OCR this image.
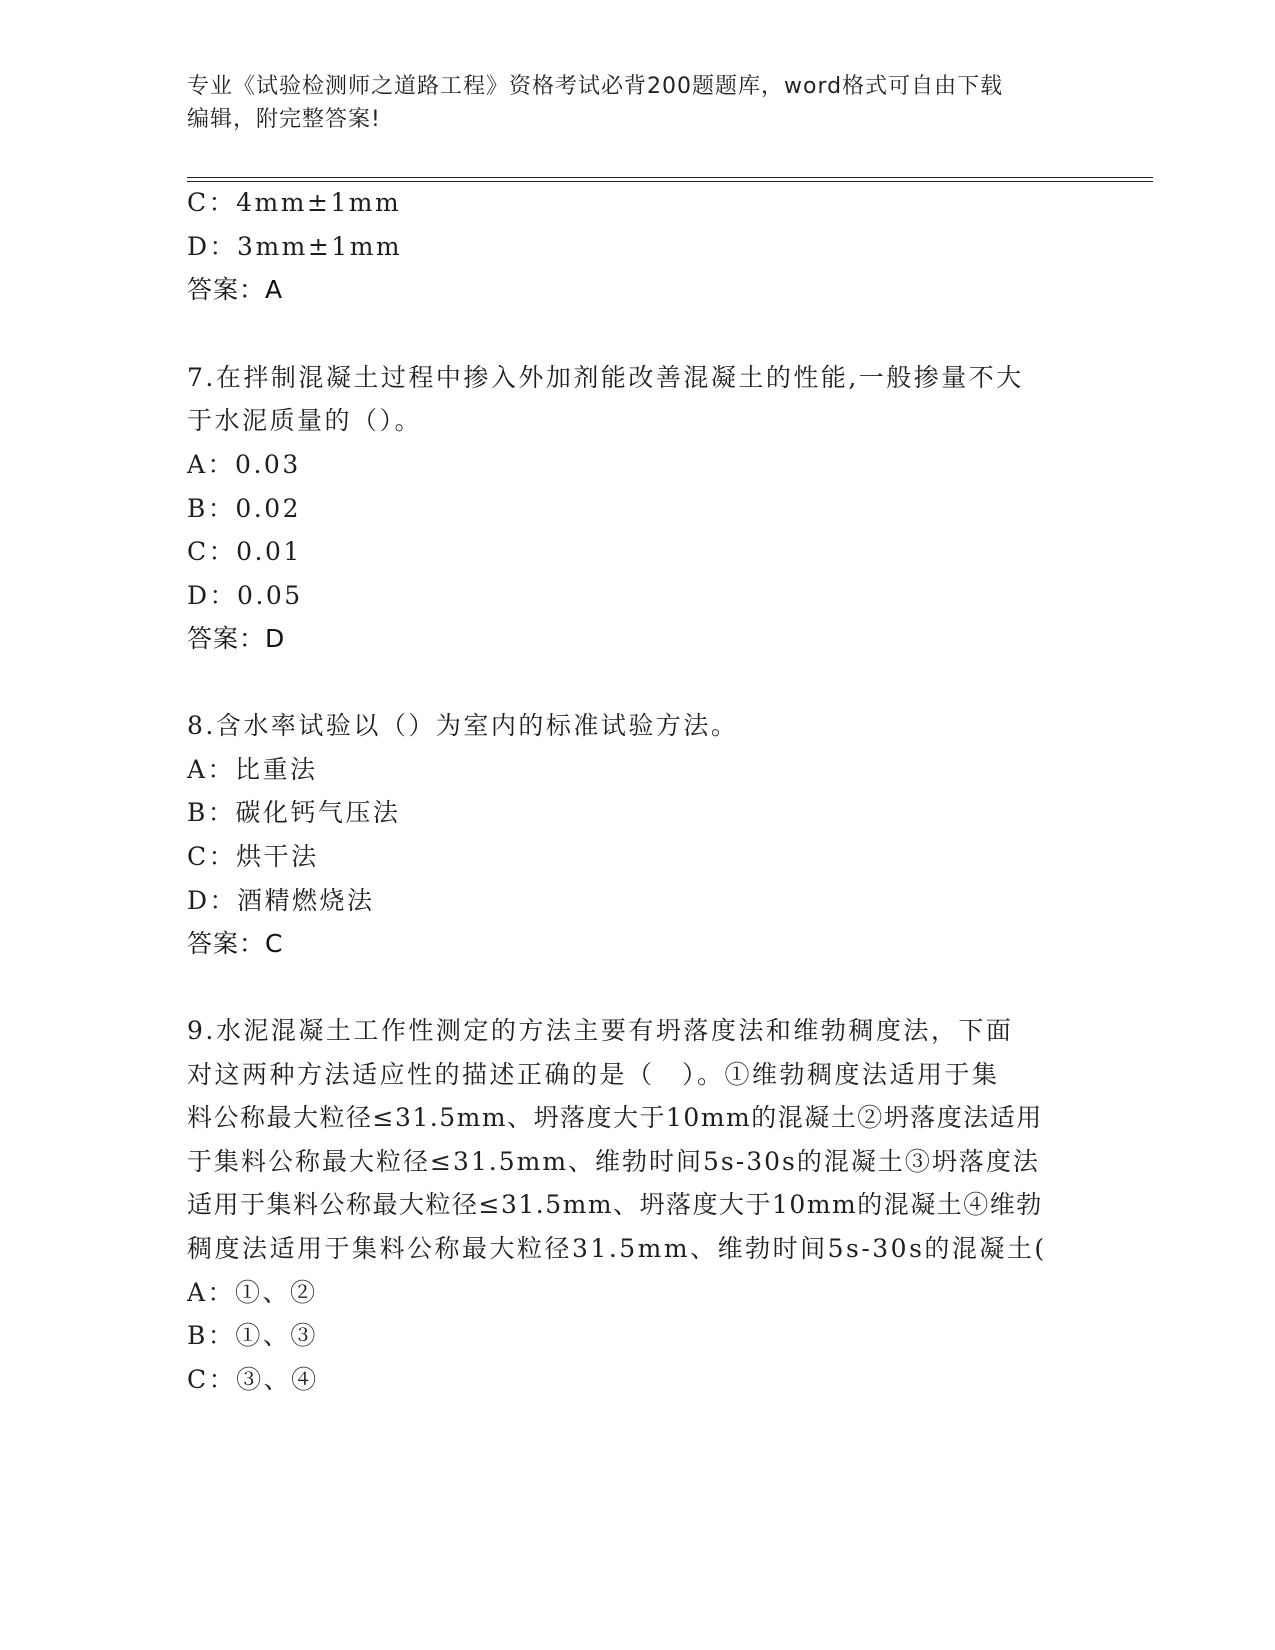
专业《试验检测师之道路工程》资格考试必背200题题库，word格式可自由下载
编辑，附完整答案!
C：4mm±1mm
D：3mm±1mm
答案：A
7.在拌制混凝土过程中掺入外加剂能改善混凝土的性能,一般掺量不大
于水泥质量的（）。
A：0.03
B：0.02
C：0.01
D：0.05
答案：D
8.含水率试验以（）为室内的标准试验方法。
A：比重法
B：碳化钙气压法
C：烘干法
D：酒精燃烧法
答案：C
9.水泥混凝土工作性测定的方法主要有坍落度法和维勃稠度法，下面
对这两种方法适应性的描述正确的是（　）。①维勃稠度法适用于集
料公称最大粒径≤31.5mm、坍落度大于10mm的混凝土②坍落度法适用
于集料公称最大粒径≤31.5mm、维勃时间5s-30s的混凝土③坍落度法
适用于集料公称最大粒径≤31.5mm、坍落度大于10mm的混凝土④维勃
稠度法适用于集料公称最大粒径31.5mm、维勃时间5s-30s的混凝土(
A：①、②
B：①、③
C：③、④
